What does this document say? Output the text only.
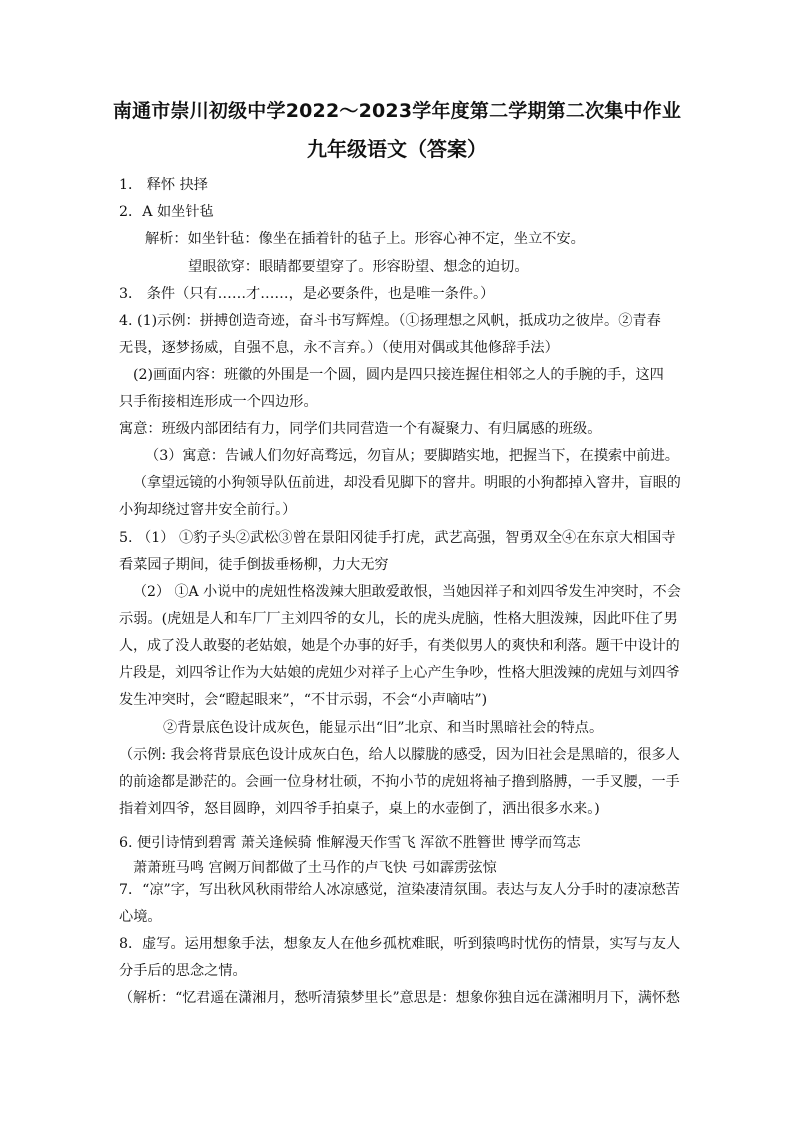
南通市崇川初级中学2022～2023学年度第二学期第二次集中作业
九年级语文（答案）
1． 释怀 抉择
2．A 如坐针毡
解析：如坐针毡：像坐在插着针的毡子上。形容心神不定，坐立不安。
望眼欲穿：眼睛都要望穿了。形容盼望、想念的迫切。
3． 条件（只有……才……，是必要条件，也是唯一条件。）
4. (1)示例：拼搏创造奇迹，奋斗书写辉煌。（①扬理想之风帆，抵成功之彼岸。②青春
无畏，逐梦扬威，自强不息，永不言弃。）（使用对偶或其他修辞手法）
(2)画面内容：班徽的外围是一个圆，圆内是四只接连握住相邻之人的手腕的手，这四
只手衔接相连形成一个四边形。
寓意：班级内部团结有力，同学们共同营造一个有凝聚力、有归属感的班级。
（3）寓意：告诫人们勿好高骛远，勿盲从；要脚踏实地，把握当下，在摸索中前进。
（拿望远镜的小狗领导队伍前进，却没看见脚下的窨井。明眼的小狗都掉入窨井，盲眼的
小狗却绕过窨井安全前行。）
5. （1） ①豹子头②武松③曾在景阳冈徒手打虎，武艺高强，智勇双全④在东京大相国寺
看菜园子期间，徒手倒拔垂杨柳，力大无穷
（2） ①A 小说中的虎妞性格泼辣大胆敢爱敢恨，当她因祥子和刘四爷发生冲突时，不会
示弱。(虎妞是人和车厂厂主刘四爷的女儿，长的虎头虎脑，性格大胆泼辣，因此吓住了男
人，成了没人敢娶的老姑娘，她是个办事的好手，有类似男人的爽快和利落。题干中设计的
片段是，刘四爷让作为大姑娘的虎妞少对祥子上心产生争吵，性格大胆泼辣的虎妞与刘四爷
发生冲突时，会“瞪起眼来”，“不甘示弱，不会“小声嘀咕”)
②背景底色设计成灰色，能显示出“旧”北京、和当时黑暗社会的特点。
（示例: 我会将背景底色设计成灰白色，给人以朦胧的感受，因为旧社会是黑暗的，很多人
的前途都是渺茫的。会画一位身材壮硕，不拘小节的虎妞将袖子撸到胳膊，一手叉腰，一手
指着刘四爷，怒目圆睁，刘四爷手拍桌子，桌上的水壶倒了，洒出很多水来。)
6. 便引诗情到碧霄 萧关逢候骑 惟解漫天作雪飞 浑欲不胜簪世 博学而笃志
萧萧班马鸣 宫阙万间都做了土马作的卢飞快 弓如霹雳弦惊
7．“凉”字，写出秋风秋雨带给人冰凉感觉，渲染凄清氛围。表达与友人分手时的凄凉愁苦
心境。
8．虚写。运用想象手法，想象友人在他乡孤枕难眠，听到猿鸣时忧伤的情景，实写与友人
分手后的思念之情。
（解析：“忆君遥在潇湘月，愁听清猿梦里长”意思是：想象你独自远在潇湘明月下，满怀愁
